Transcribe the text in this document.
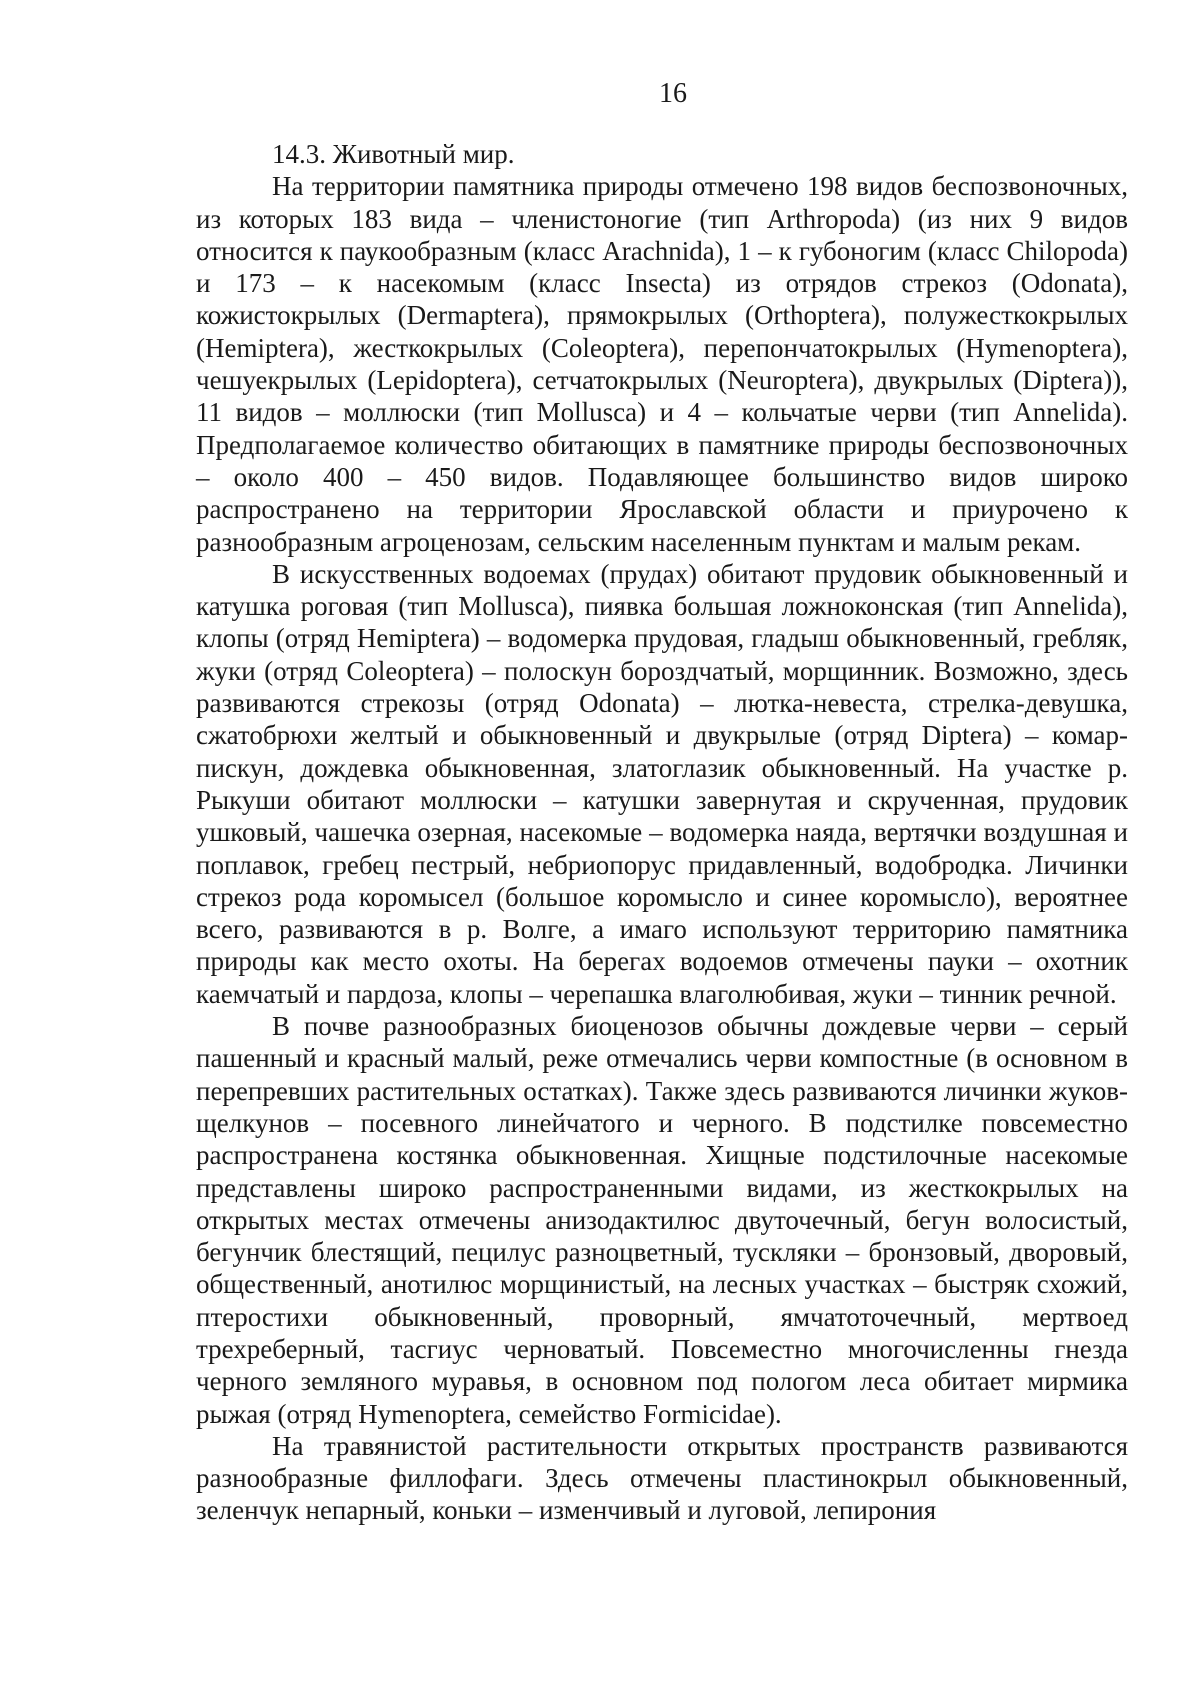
16

14.3. Животный мир.

На территории памятника природы отмечено 198 видов беспозвоночных, из которых 183 вида – членистоногие (тип Arthropoda) (из них 9 видов относится к паукообразным (класс Arachnida), 1 – к губоногим (класс Chilopoda) и 173 – к насекомым (класс Insecta) из отрядов стрекоз (Odonata), кожистокрылых (Dermaptera), прямокрылых (Orthoptera), полужесткокрылых (Hemiptera), жесткокрылых (Coleoptera), перепончатокрылых (Hymenoptera), чешуекрылых (Lepidoptera), сетчатокрылых (Neuroptera), двукрылых (Diptera)), 11 видов – моллюски (тип Mollusca) и 4 – кольчатые черви (тип Annelida). Предполагаемое количество обитающих в памятнике природы беспозвоночных – около 400 – 450 видов. Подавляющее большинство видов широко распространено на территории Ярославской области и приурочено к разнообразным агроценозам, сельским населенным пунктам и малым рекам.

В искусственных водоемах (прудах) обитают прудовик обыкновенный и катушка роговая (тип Mollusca), пиявка большая ложноконская (тип Annelida), клопы (отряд Hemiptera) – водомерка прудовая, гладыш обыкновенный, гребляк, жуки (отряд Coleoptera) – полоскун бороздчатый, морщинник. Возможно, здесь развиваются стрекозы (отряд Odonata) – лютка-невеста, стрелка-девушка, сжатобрюхи желтый и обыкновенный и двукрылые (отряд Diptera) – комар-пискун, дождевка обыкновенная, златоглазик обыкновенный. На участке р. Рыкуши обитают моллюски – катушки завернутая и скрученная, прудовик ушковый, чашечка озерная, насекомые – водомерка наяда, вертячки воздушная и поплавок, гребец пестрый, небриопорус придавленный, водобродка. Личинки стрекоз рода коромысел (большое коромысло и синее коромысло), вероятнее всего, развиваются в р. Волге, а имаго используют территорию памятника природы как место охоты. На берегах водоемов отмечены пауки – охотник каемчатый и пардоза, клопы – черепашка влаголюбивая, жуки – тинник речной.

В почве разнообразных биоценозов обычны дождевые черви – серый пашенный и красный малый, реже отмечались черви компостные (в основном в перепревших растительных остатках). Также здесь развиваются личинки жуков-щелкунов – посевного линейчатого и черного. В подстилке повсеместно распространена костянка обыкновенная. Хищные подстилочные насекомые представлены широко распространенными видами, из жесткокрылых на открытых местах отмечены анизодактилюс двуточечный, бегун волосистый, бегунчик блестящий, пецилус разноцветный, тускляки – бронзовый, дворовый, общественный, анотилюс морщинистый, на лесных участках – быстряк схожий, птеростихи обыкновенный, проворный, ямчатоточечный, мертвоед трехреберный, тасгиус черноватый. Повсеместно многочисленны гнезда черного земляного муравья, в основном под пологом леса обитает мирмика рыжая (отряд Hymenoptera, семейство Formicidae).

На травянистой растительности открытых пространств развиваются разнообразные филлофаги. Здесь отмечены пластинокрыл обыкновенный, зеленчук непарный, коньки – изменчивый и луговой, лепирония
